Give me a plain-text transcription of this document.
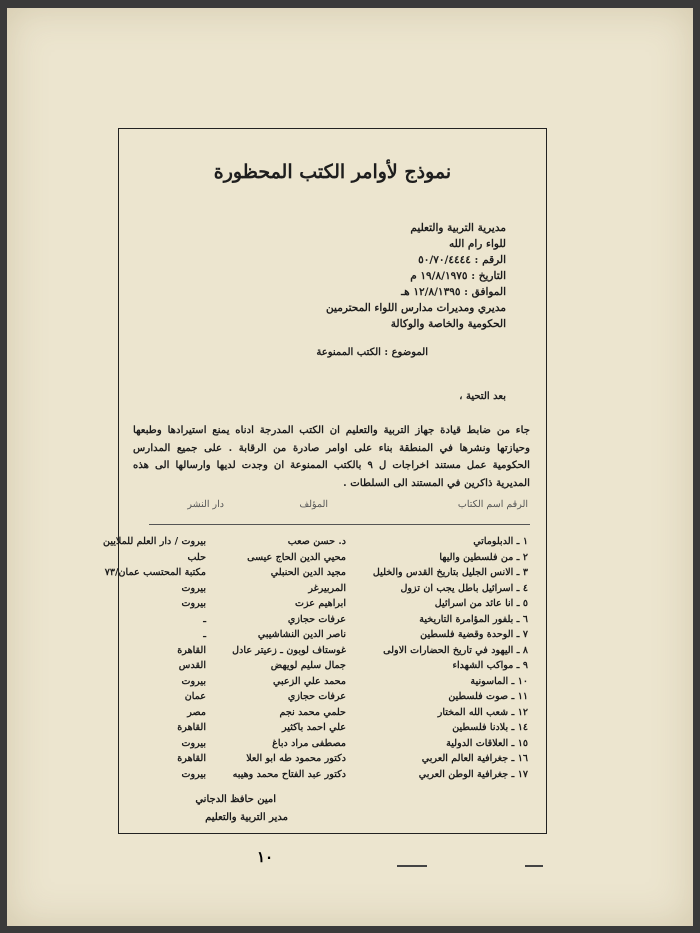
نموذج لأوامر الكتب المحظورة
مديرية التربية والتعليم
للواء رام الله
الرقم : ٥٠/٧٠/٤٤٤٤
التاريخ : ١٩/٨/١٩٧٥ م
الموافق : ١٢/٨/١٣٩٥ هـ
مديري ومديرات مدارس اللواء المحترمين
الحكومية والخاصة والوكالة
الموضوع : الكتب الممنوعة
بعد التحية ،
جاء من ضابط قيادة جهاز التربية والتعليم ان الكتب المدرجة ادناه يمنع استيرادها وطبعها وحيازتها ونشرها في المنطقة بناء على اوامر صادرة من الرقابة . على جميع المدارس الحكومية عمل مستند اخراجات ل ٩ بالكتب الممنوعة ان وجدت لديها وارسالها الى هذه المديرية ذاكرين في المستند الى السلطات .
الرقم اسم الكتاب
المؤلف
دار النشر
١ ـ الدبلوماتي
د. حسن صعب
بيروت / دار العلم للملايين
٢ ـ من فلسطين واليها
محيي الدين الحاج عيسى
حلب
٣ ـ الانس الجليل بتاريخ القدس والخليل
مجيد الدين الحنبلي
مكتبة المحتسب عمان/٧٣
٤ ـ اسرائيل باطل يجب ان تزول
المربيرغر
بيروت
٥ ـ انا عائد من اسرائيل
ابراهيم عزت
بيروت
٦ ـ بلفور المؤامرة التاريخية
عرفات حجازي
ـ
٧ ـ الوحدة وقضية فلسطين
ناصر الدين النشاشيبي
ـ
٨ ـ اليهود في تاريخ الحضارات الاولى
غوستاف لوبون ـ زعيتر عادل
القاهرة
٩ ـ مواكب الشهداء
جمال سليم لويهض
القدس
١٠ ـ الماسونية
محمد علي الزعبي
بيروت
١١ ـ صوت فلسطين
عرفات حجازي
عمان
١٢ ـ شعب الله المختار
حلمي محمد نجم
مصر
١٤ ـ بلادنا فلسطين
علي احمد باكثير
القاهرة
١٥ ـ العلاقات الدولية
مصطفى مراد دباغ
بيروت
١٦ ـ جغرافية العالم العربي
دكتور محمود طه ابو العلا
القاهرة
١٧ ـ جغرافية الوطن العربي
دكتور عبد الفتاح محمد وهيبه
بيروت
امين حافظ الدجاني
مدير التربية والتعليم
١٠
